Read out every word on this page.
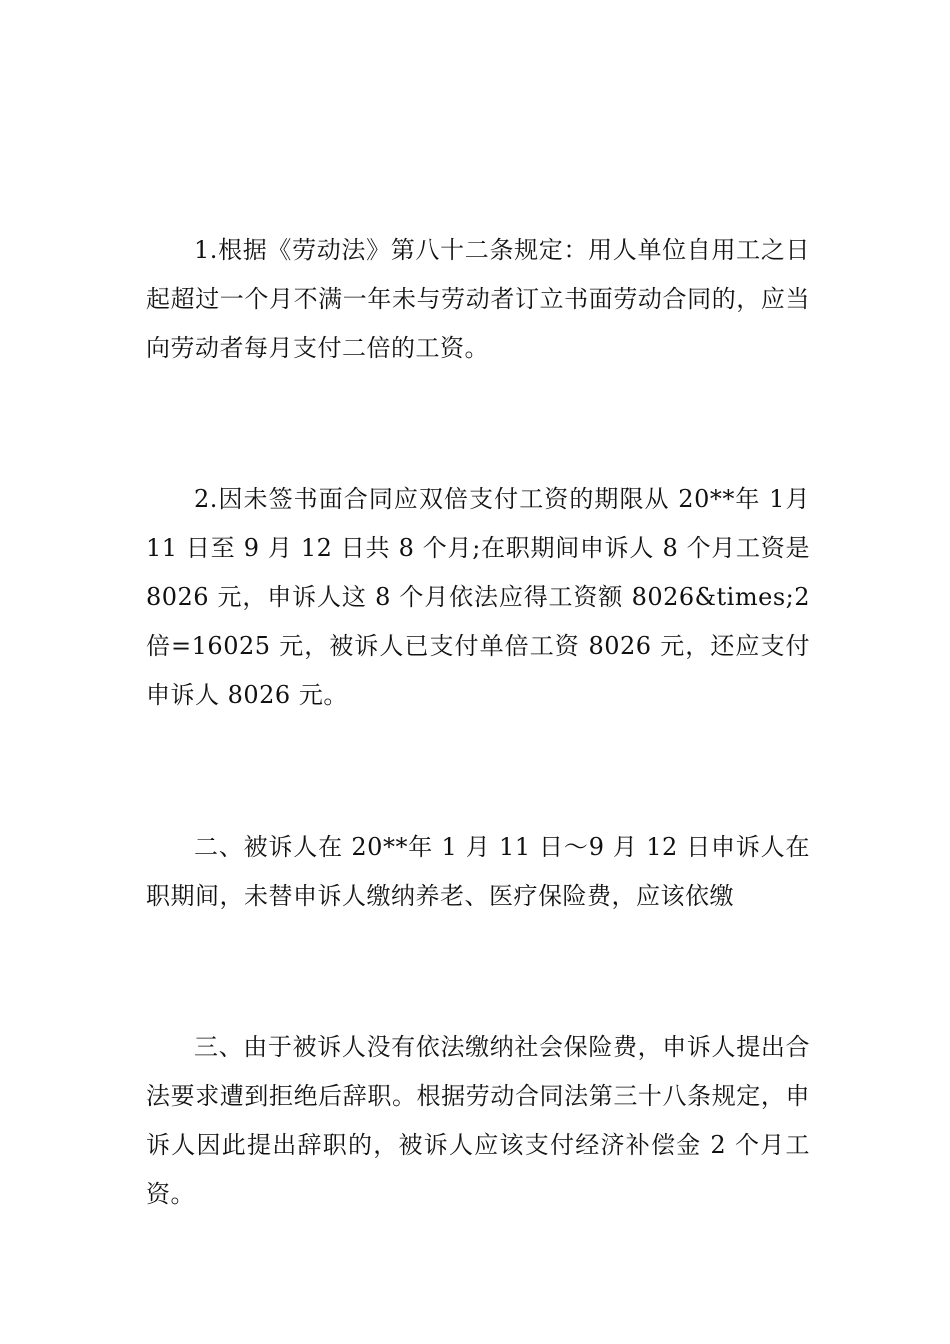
1.根据《劳动法》第八十二条规定：用人单位自用工之日起超过一个月不满一年未与劳动者订立书面劳动合同的，应当向劳动者每月支付二倍的工资。

2.因未签书面合同应双倍支付工资的期限从 20**年 1月 11 日至 9 月 12 日共 8 个月;在职期间申诉人 8 个月工资是 8026 元，申诉人这 8 个月依法应得工资额 8026&times;2倍=16025 元，被诉人已支付单倍工资 8026 元，还应支付申诉人 8026 元。

二、被诉人在 20**年 1 月 11 日～9 月 12 日申诉人在职期间，未替申诉人缴纳养老、医疗保险费，应该依缴

三、由于被诉人没有依法缴纳社会保险费，申诉人提出合法要求遭到拒绝后辞职。根据劳动合同法第三十八条规定，申诉人因此提出辞职的，被诉人应该支付经济补偿金 2 个月工资。
